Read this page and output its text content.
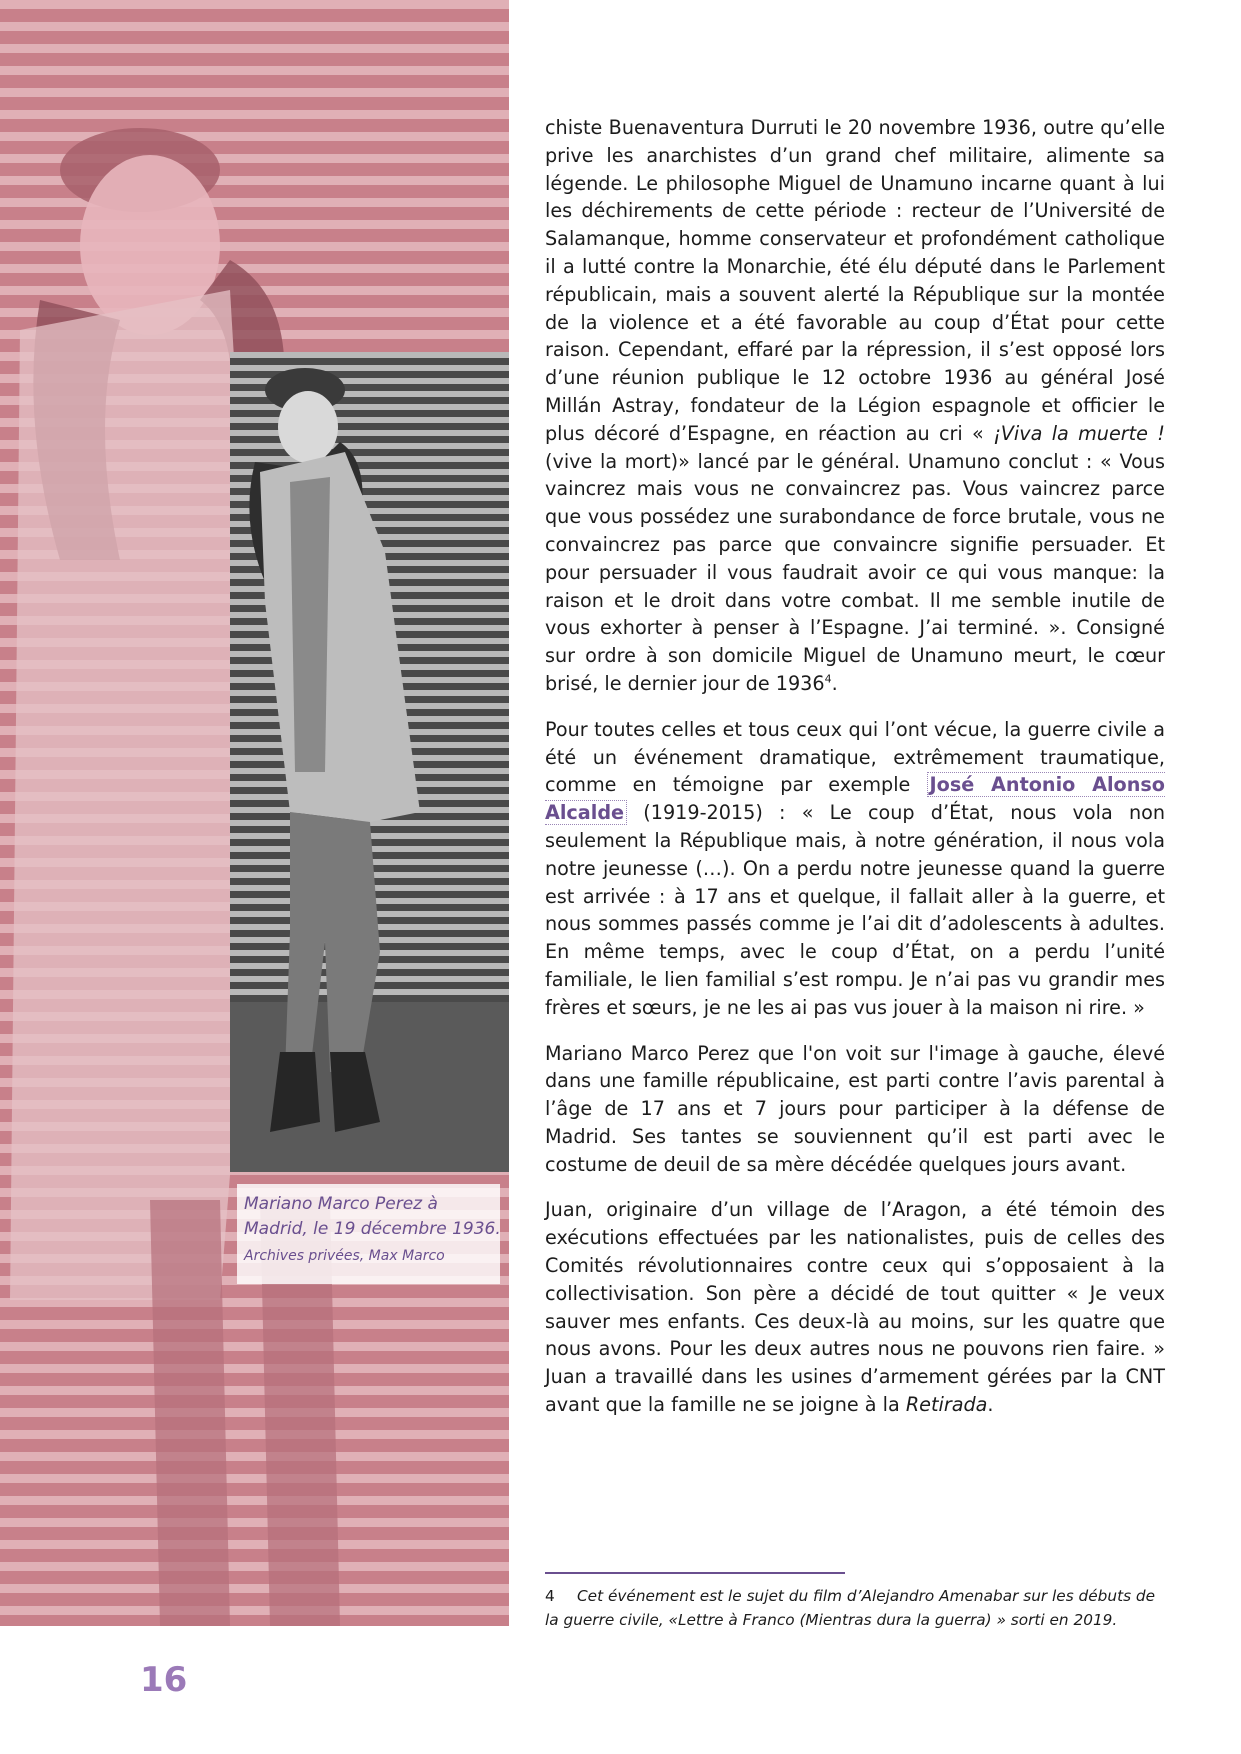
Mariano Marco Perez à
Madrid, le 19 décembre 1936.
Archives privées, Max Marco

chiste Buenaventura Durruti le 20 novembre 1936, outre qu’elle prive les anarchistes d’un grand chef militaire, alimente sa légende. Le philosophe Miguel de Unamuno incarne quant à lui les déchirements de cette période : recteur de l’Université de Salamanque, homme conservateur et profondément catholique il a lutté contre la Monarchie, été élu député dans le Parlement républicain, mais a souvent alerté la République sur la montée de la violence et a été favorable au coup d’État pour cette raison. Cependant, effaré par la répression, il s’est opposé lors d’une réunion publique le 12 octobre 1936 au général José Millán Astray, fondateur de la Légion espagnole et officier le plus décoré d’Espagne, en réaction au cri « ¡Viva la muerte ! (vive la mort)» lancé par le général. Unamuno conclut : « Vous vaincrez mais vous ne convaincrez pas. Vous vaincrez parce que vous possédez une surabondance de force brutale, vous ne convaincrez pas parce que convaincre signifie persuader. Et pour persuader il vous faudrait avoir ce qui vous manque: la raison et le droit dans votre combat. Il me semble inutile de vous exhorter à penser à l’Espagne. J’ai terminé. ». Consigné sur ordre à son domicile Miguel de Unamuno meurt, le cœur brisé, le dernier jour de 1936$^4$.

Pour toutes celles et tous ceux qui l’ont vécue, la guerre civile a été un événement dramatique, extrêmement traumatique, comme en témoigne par exemple José Antonio Alonso Alcalde (1919-2015) : « Le coup d’État, nous vola non seulement la République mais, à notre génération, il nous vola notre jeunesse (…). On a perdu notre jeunesse quand la guerre est arrivée : à 17 ans et quelque, il fallait aller à la guerre, et nous sommes passés comme je l’ai dit d’adolescents à adultes. En même temps, avec le coup d’État, on a perdu l’unité familiale, le lien familial s’est rompu. Je n’ai pas vu grandir mes frères et sœurs, je ne les ai pas vus jouer à la maison ni rire. »

Mariano Marco Perez que l'on voit sur l'image à gauche, élevé dans une famille républicaine, est parti contre l’avis parental à l’âge de 17 ans et 7 jours pour participer à la défense de Madrid. Ses tantes se souviennent qu’il est parti avec le costume de deuil de sa mère décédée quelques jours avant.

Juan, originaire d’un village de l’Aragon, a été témoin des exécutions effectuées par les nationalistes, puis de celles des Comités révolutionnaires contre ceux qui s’opposaient à la collectivisation. Son père a décidé de tout quitter « Je veux sauver mes enfants. Ces deux-là au moins, sur les quatre que nous avons. Pour les deux autres nous ne pouvons rien faire. » Juan a travaillé dans les usines d’armement gérées par la CNT avant que la famille ne se joigne à la Retirada.

4 Cet événement est le sujet du film d’Alejandro Amenabar sur les débuts de la guerre civile, «Lettre à Franco (Mientras dura la guerra) » sorti en 2019.
16
